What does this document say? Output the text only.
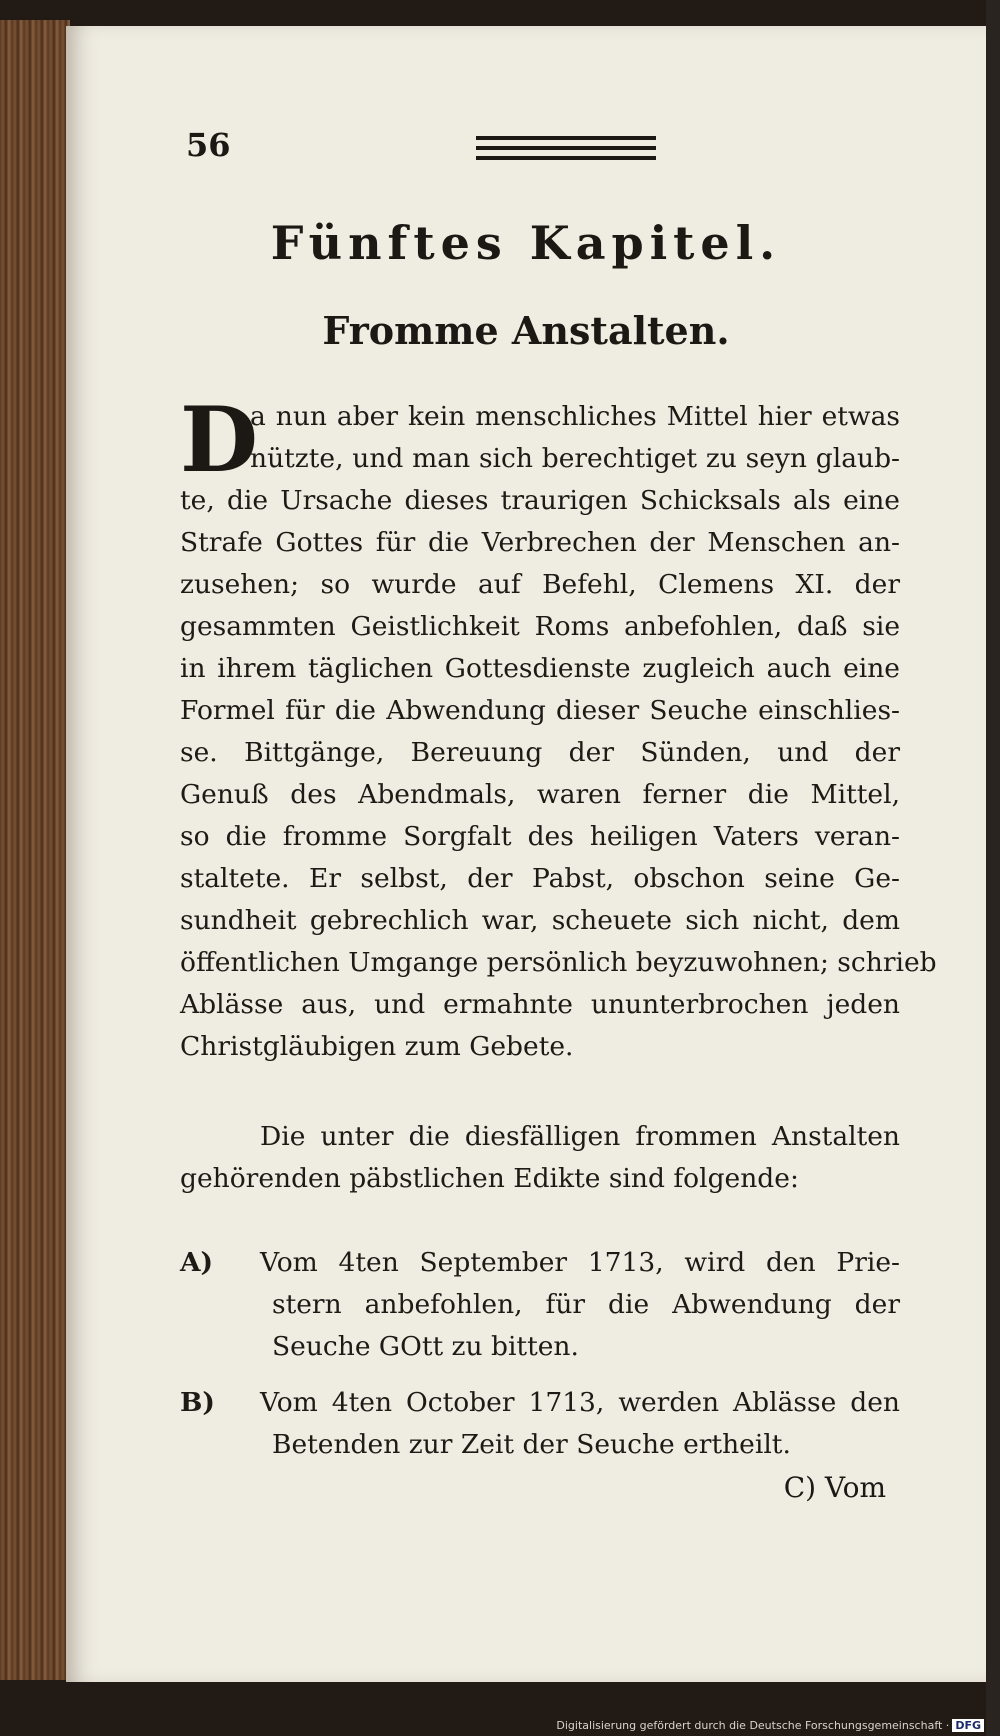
56
Fünftes Kapitel.
Fromme Anstalten.
D
a nun aber kein menschliches Mittel hier etwas
nützte, und man sich berechtiget zu seyn glaub-
te, die Ursache dieses traurigen Schicksals als eine
Strafe Gottes für die Verbrechen der Menschen an-
zusehen; so wurde auf Befehl, Clemens XI. der
gesammten Geistlichkeit Roms anbefohlen, daß sie
in ihrem täglichen Gottesdienste zugleich auch eine
Formel für die Abwendung dieser Seuche einschlies-
se. Bittgänge, Bereuung der Sünden, und der
Genuß des Abendmals, waren ferner die Mittel,
so die fromme Sorgfalt des heiligen Vaters veran-
staltete. Er selbst, der Pabst, obschon seine Ge-
sundheit gebrechlich war, scheuete sich nicht, dem
öffentlichen Umgange persönlich beyzuwohnen; schrieb
Ablässe aus, und ermahnte ununterbrochen jeden
Christgläubigen zum Gebete.
Die unter die diesfälligen frommen Anstalten
gehörenden päbstlichen Edikte sind folgende:
A)	Vom 4ten September 1713, wird den Prie-
stern anbefohlen, für die Abwendung der
Seuche GOtt zu bitten.
B)	Vom 4ten October 1713, werden Ablässe den
Betenden zur Zeit der Seuche ertheilt.
C) Vom
Digitalisierung gefördert durch die Deutsche Forschungsgemeinschaft · DFG
